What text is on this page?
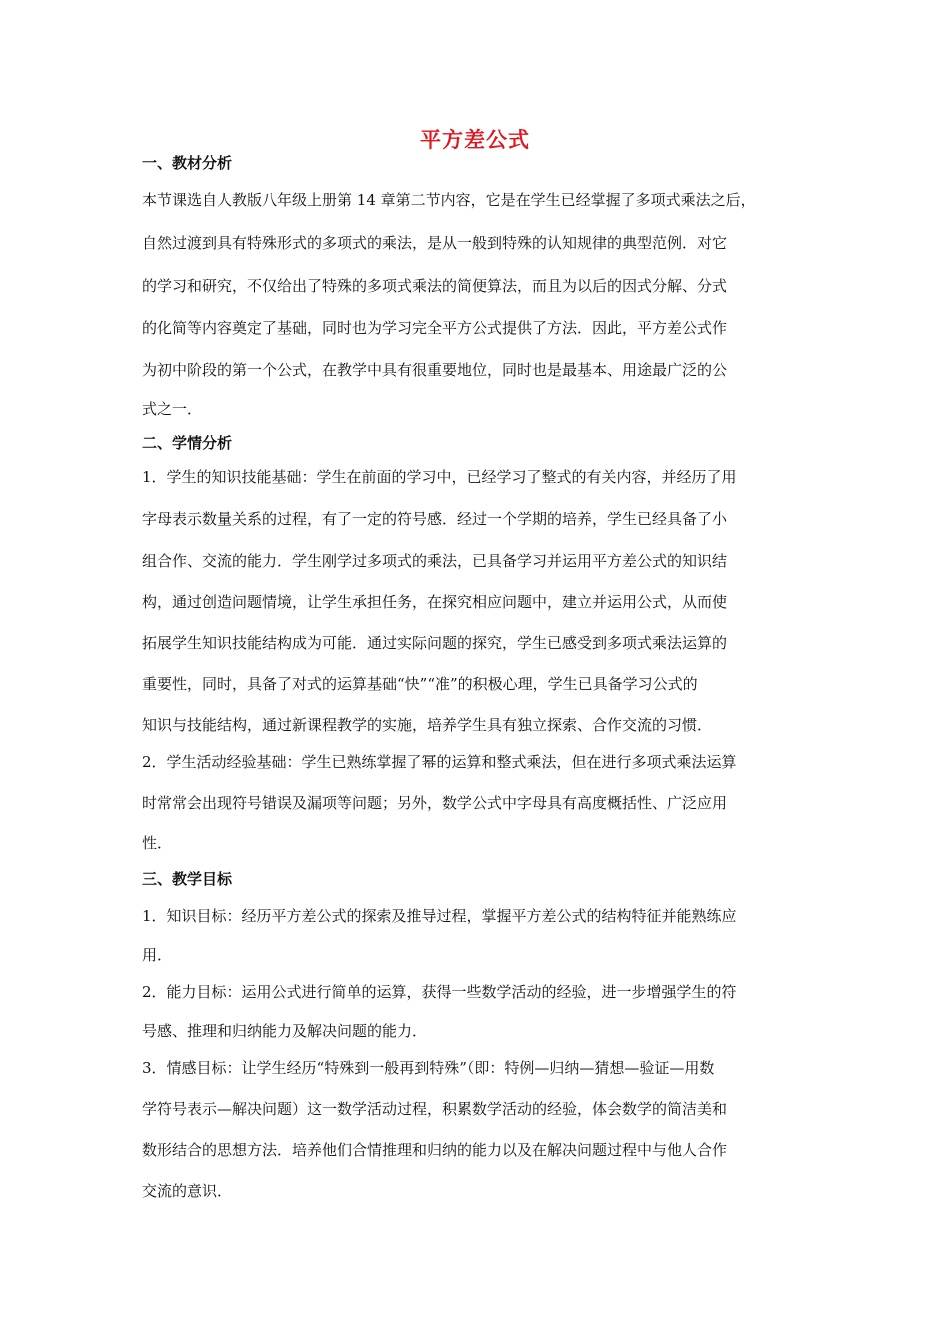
平方差公式
一、教材分析
本节课选自人教版八年级上册第 14 章第二节内容，它是在学生已经掌握了多项式乘法之后，
自然过渡到具有特殊形式的多项式的乘法，是从一般到特殊的认知规律的典型范例．对它
的学习和研究，不仅给出了特殊的多项式乘法的简便算法，而且为以后的因式分解、分式
的化简等内容奠定了基础，同时也为学习完全平方公式提供了方法．因此，平方差公式作
为初中阶段的第一个公式，在教学中具有很重要地位，同时也是最基本、用途最广泛的公
式之一．
二、学情分析
1．学生的知识技能基础：学生在前面的学习中，已经学习了整式的有关内容，并经历了用
字母表示数量关系的过程，有了一定的符号感．经过一个学期的培养，学生已经具备了小
组合作、交流的能力．学生刚学过多项式的乘法，已具备学习并运用平方差公式的知识结
构，通过创造问题情境，让学生承担任务，在探究相应问题中，建立并运用公式，从而使
拓展学生知识技能结构成为可能．通过实际问题的探究，学生已感受到多项式乘法运算的
重要性，同时，具备了对式的运算基础“快”“准”的积极心理，学生已具备学习公式的
知识与技能结构，通过新课程教学的实施，培养学生具有独立探索、合作交流的习惯．
2．学生活动经验基础：学生已熟练掌握了幂的运算和整式乘法，但在进行多项式乘法运算
时常常会出现符号错误及漏项等问题；另外，数学公式中字母具有高度概括性、广泛应用
性．
三、教学目标
1．知识目标：经历平方差公式的探索及推导过程，掌握平方差公式的结构特征并能熟练应
用．
2．能力目标：运用公式进行简单的运算，获得一些数学活动的经验，进一步增强学生的符
号感、推理和归纳能力及解决问题的能力．
3．情感目标：让学生经历“特殊到一般再到特殊”（即：特例—归纳—猜想—验证—用数
学符号表示—解决问题）这一数学活动过程，积累数学活动的经验，体会数学的简洁美和
数形结合的思想方法．培养他们合情推理和归纳的能力以及在解决问题过程中与他人合作
交流的意识．
